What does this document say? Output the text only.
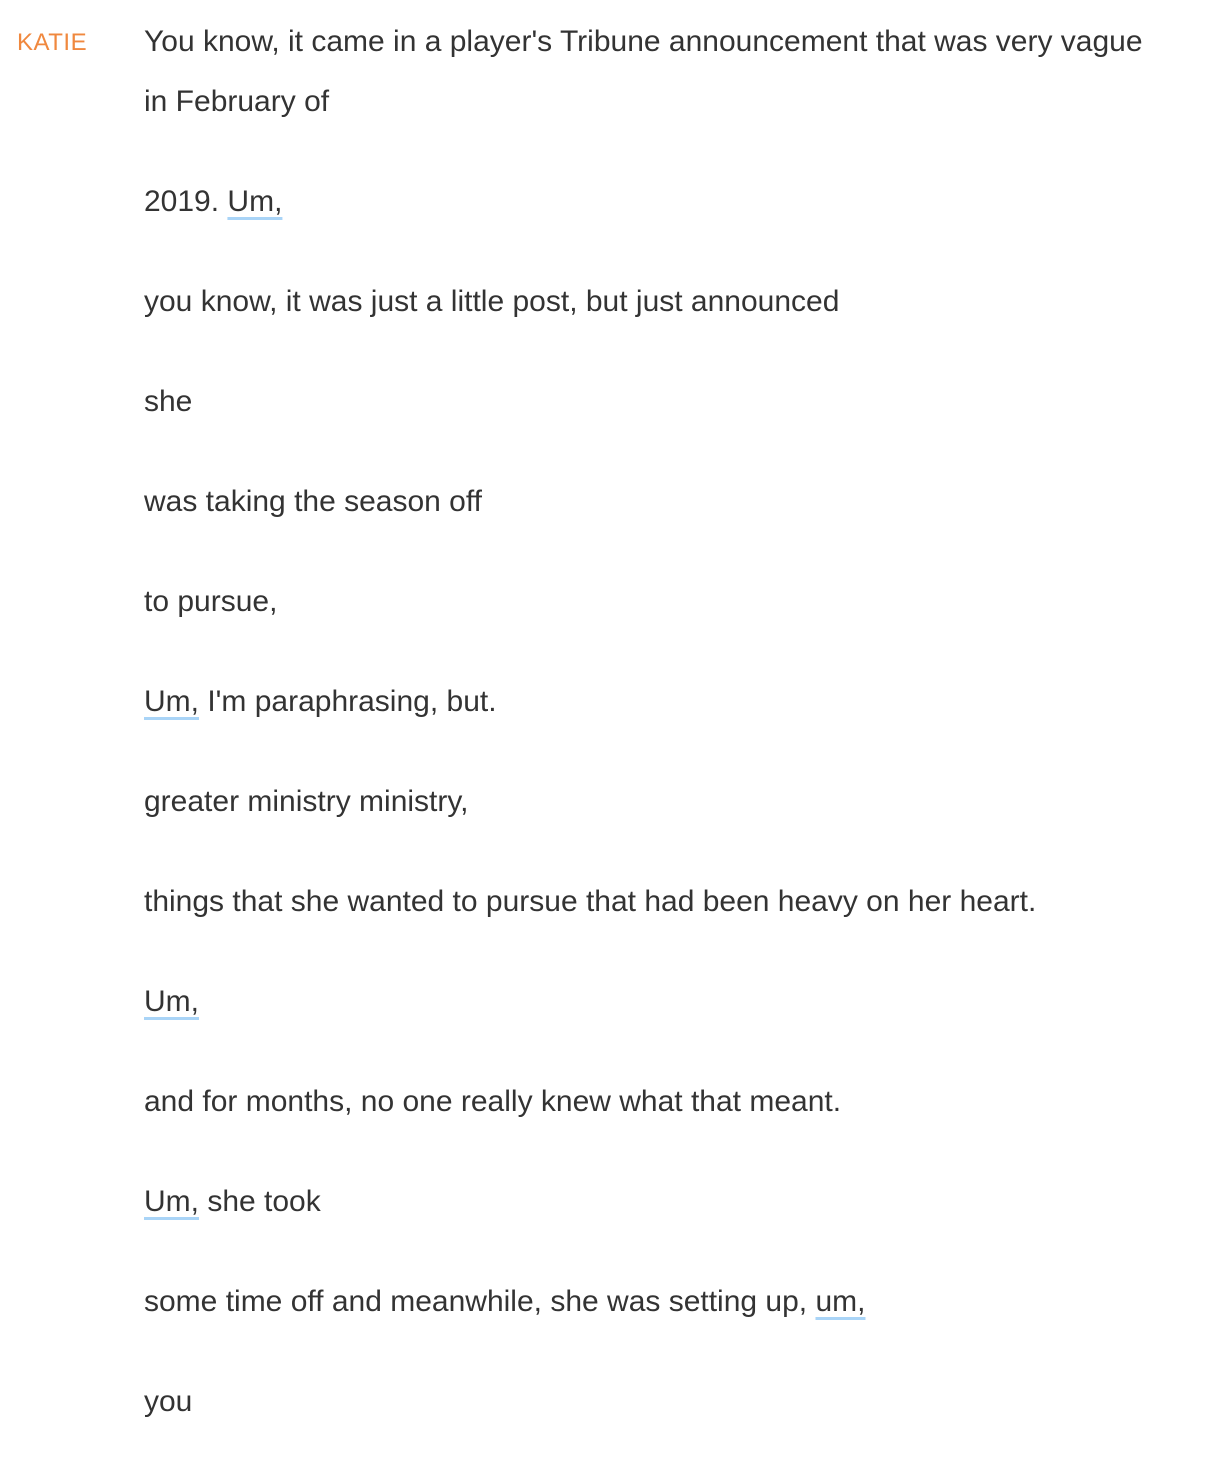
KATIE You know, it came in a player's Tribune announcement that was very vague in February of

2019. Um,

you know, it was just a little post, but just announced

she

was taking the season off

to pursue,

Um, I'm paraphrasing, but.

greater ministry ministry,

things that she wanted to pursue that had been heavy on her heart.

Um,

and for months, no one really knew what that meant.

Um, she took

some time off and meanwhile, she was setting up, um,

you
